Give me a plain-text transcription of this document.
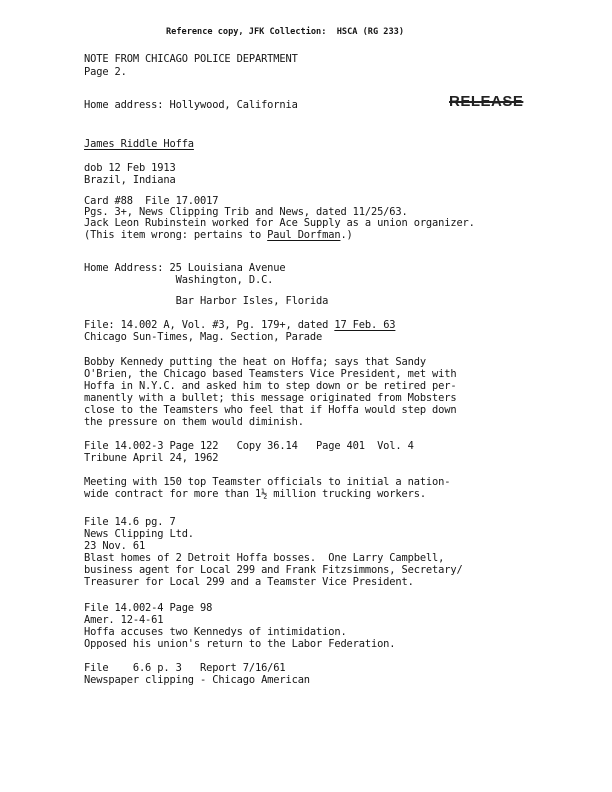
Reference copy, JFK Collection:  HSCA (RG 233)
RELEASE
NOTE FROM CHICAGO POLICE DEPARTMENT
Page 2.
Home address: Hollywood, California
James Riddle Hoffa
dob 12 Feb 1913
Brazil, Indiana
Card #88  File 17.0017
Pgs. 3+, News Clipping Trib and News, dated 11/25/63.
Jack Leon Rubinstein worked for Ace Supply as a union organizer.
(This item wrong: pertains to Paul Dorfman.)
Home Address: 25 Louisiana Avenue
Washington, D.C.
Bar Harbor Isles, Florida
File: 14.002 A, Vol. #3, Pg. 179+, dated 17 Feb. 63
Chicago Sun-Times, Mag. Section, Parade
Bobby Kennedy putting the heat on Hoffa; says that Sandy
O'Brien, the Chicago based Teamsters Vice President, met with
Hoffa in N.Y.C. and asked him to step down or be retired per-
manently with a bullet; this message originated from Mobsters
close to the Teamsters who feel that if Hoffa would step down
the pressure on them would diminish.
File 14.002-3 Page 122   Copy 36.14   Page 401  Vol. 4
Tribune April 24, 1962
Meeting with 150 top Teamster officials to initial a nation-
wide contract for more than 1½ million trucking workers.
File 14.6 pg. 7
News Clipping Ltd.
23 Nov. 61
Blast homes of 2 Detroit Hoffa bosses.  One Larry Campbell,
business agent for Local 299 and Frank Fitzsimmons, Secretary/
Treasurer for Local 299 and a Teamster Vice President.
File 14.002-4 Page 98
Amer. 12-4-61
Hoffa accuses two Kennedys of intimidation.
Opposed his union's return to the Labor Federation.
File    6.6 p. 3   Report 7/16/61
Newspaper clipping - Chicago American
